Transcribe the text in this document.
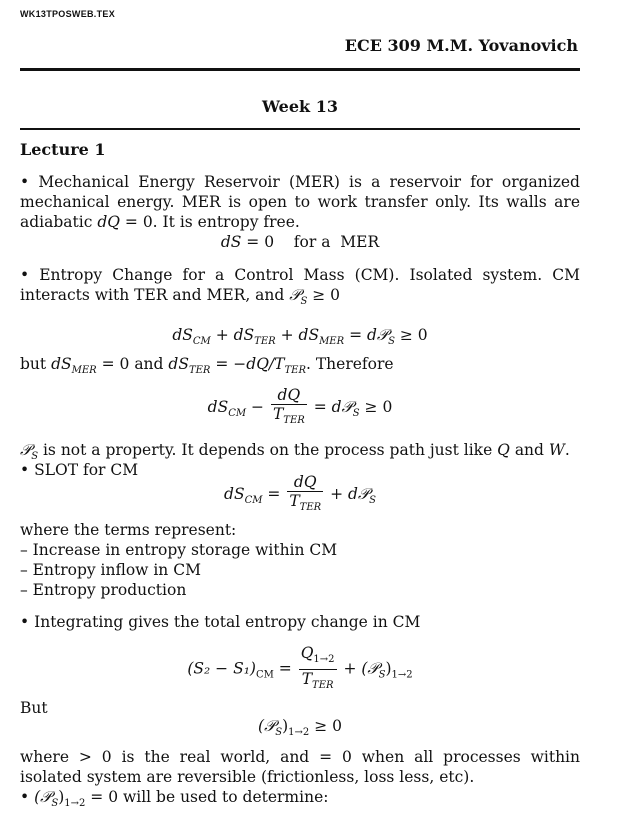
WK13TPOSWEB.TEX
ECE 309 M.M. Yovanovich
Week 13
Lecture 1
• Mechanical Energy Reservoir (MER) is a reservoir for organized mechanical energy. MER is open to work transfer only. Its walls are adiabatic dQ = 0. It is entropy free.
dS = 0    for a  MER
• Entropy Change for a Control Mass (CM). Isolated system. CM interacts with TER and MER, and 𝒫$_S$ ≥ 0
$dS_{CM} + dS_{TER} + dS_{MER}$ = d𝒫$_S$ ≥ 0
but $dS_{MER} = 0$ and $dS_{TER} = -dQ/T_{TER}$. Therefore
$dS_{CM} - \frac{dQ}{T_{TER}}$ = d𝒫$_S$ ≥ 0
𝒫$_S$ is not a property. It depends on the process path just like Q and W.
• SLOT for CM
$dS_{CM} = \frac{dQ}{T_{TER}}$ + d𝒫$_S$
where the terms represent:
– Increase in entropy storage within CM
– Entropy inflow in CM
– Entropy production
• Integrating gives the total entropy change in CM
$(S_2 - S_1)_{CM} = \frac{Q_{1\to 2}}{T_{TER}}$ + $(𝒫_S)_{1\to 2}$
But
$(𝒫_S)_{1\to 2} \ge 0$
where > 0 is the real world, and = 0 when all processes within isolated system are reversible (frictionless, loss less, etc).
• $(𝒫_S)_{1\to 2} = 0$ will be used to determine:
